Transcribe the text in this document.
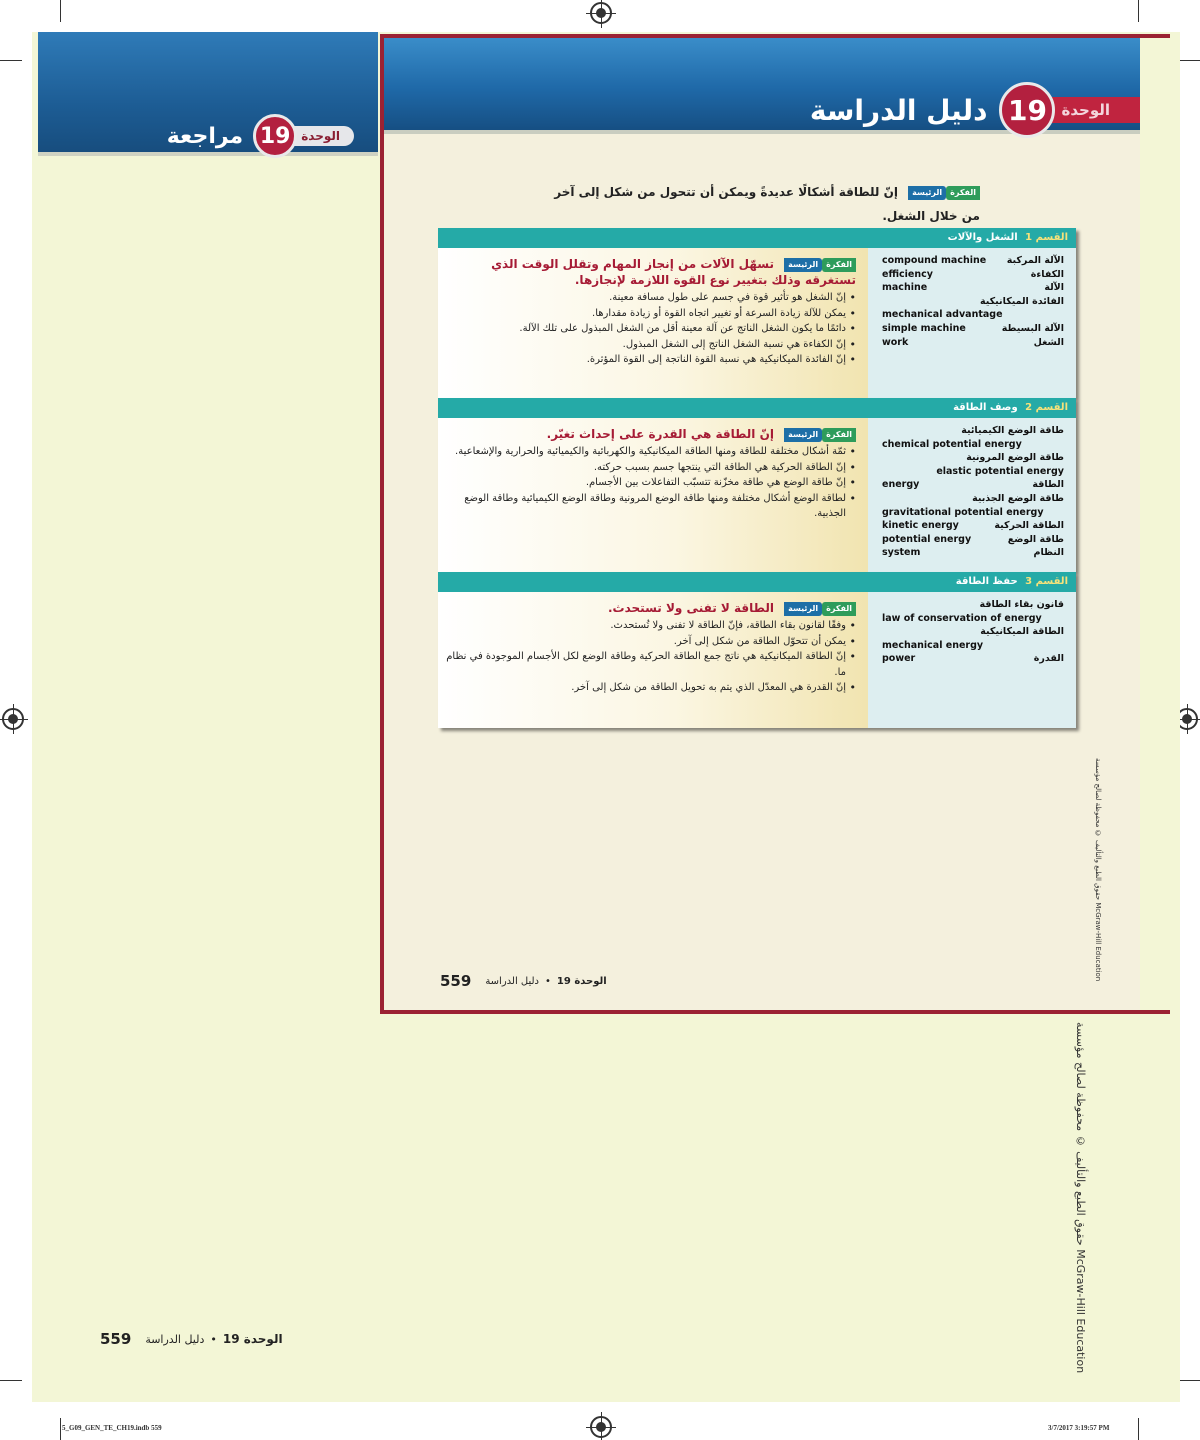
الوحدة
19
مراجعة
الوحدة
19
دليل الدراسة
الفكرة
الرئيسة
إنّ للطاقة أشكالًا عديدةً ويمكن أن تتحول من شكل إلى آخر من خلال الشغل.
القسم 1 الشغل والآلات
الفكرة
الرئيسة
تسهّل الآلات من إنجاز المهام وتقلل الوقت الذي تستغرقه وذلك بتغيير نوع القوة اللازمة لإنجازها.
• إنّ الشغل هو تأثير قوة في جسم على طول مسافة معينة.
• يمكن للآلة زيادة السرعة أو تغيير اتجاه القوة أو زيادة مقدارها.
• دائمًا ما يكون الشغل الناتج عن آلة معينة أقل من الشغل المبذول على تلك الآلة.
• إنّ الكفاءة هي نسبة الشغل الناتج إلى الشغل المبذول.
• إنّ الفائدة الميكانيكية هي نسبة القوة الناتجة إلى القوة المؤثرة.
compound machine الآلة المركبة
efficiency	الكفاءة
machine	الآلة
الفائدة الميكانيكية
mechanical advantage
simple machine	الآلة البسيطة
work	الشغل
القسم 2 وصف الطاقة
الفكرة
الرئيسة
إنّ الطاقة هي القدرة على إحداث تغيّر.
• ثمّة أشكال مختلفة للطاقة ومنها الطاقة الميكانيكية والكهربائية والكيميائية والحرارية والإشعاعية.
• إنّ الطاقة الحركية هي الطاقة التي ينتجها جسم بسبب حركته.
• إنّ طاقة الوضع هي طاقة مخزّنة تتسبّب التفاعلات بين الأجسام.
• لطاقة الوضع أشكال مختلفة ومنها طاقة الوضع المرونية وطاقة الوضع الكيميائية وطاقة الوضع الجذبية.
طاقة الوضع الكيميائية
chemical potential energy
طاقة الوضع المرونية
elastic potential energy
energy	الطاقة
طاقة الوضع الجذبية
gravitational potential energy
kinetic energy	الطاقة الحركية
potential energy	طاقة الوضع
system	النظام
القسم 3 حفظ الطاقة
الفكرة
الرئيسة
الطاقة لا تفنى ولا تستحدث.
• وفقًا لقانون بقاء الطاقة، فإنّ الطاقة لا تفنى ولا تُستحدث.
• يمكن أن تتحوّل الطاقة من شكل إلى آخر.
• إنّ الطاقة الميكانيكية هي ناتج جمع الطاقة الحركية وطاقة الوضع لكل الأجسام الموجودة في نظام ما.
• إنّ القدرة هي المعدّل الذي يتم به تحويل الطاقة من شكل إلى آخر.
قانون بقاء الطاقة
law of conservation of energy
الطاقة الميكانيكية
mechanical energy
power	القدرة
الوحدة 19
•
دليل الدراسة
559
حقوق الطبع والتأليف © محفوظة لصالح مؤسسة McGraw-Hill Education
حقوق الطبع والتأليف © محفوظة لصالح مؤسسة McGraw-Hill Education
الوحدة 19
•
دليل الدراسة
559
5_G09_GEN_TE_CH19.indb 559	3/7/2017 3:19:57 PM
